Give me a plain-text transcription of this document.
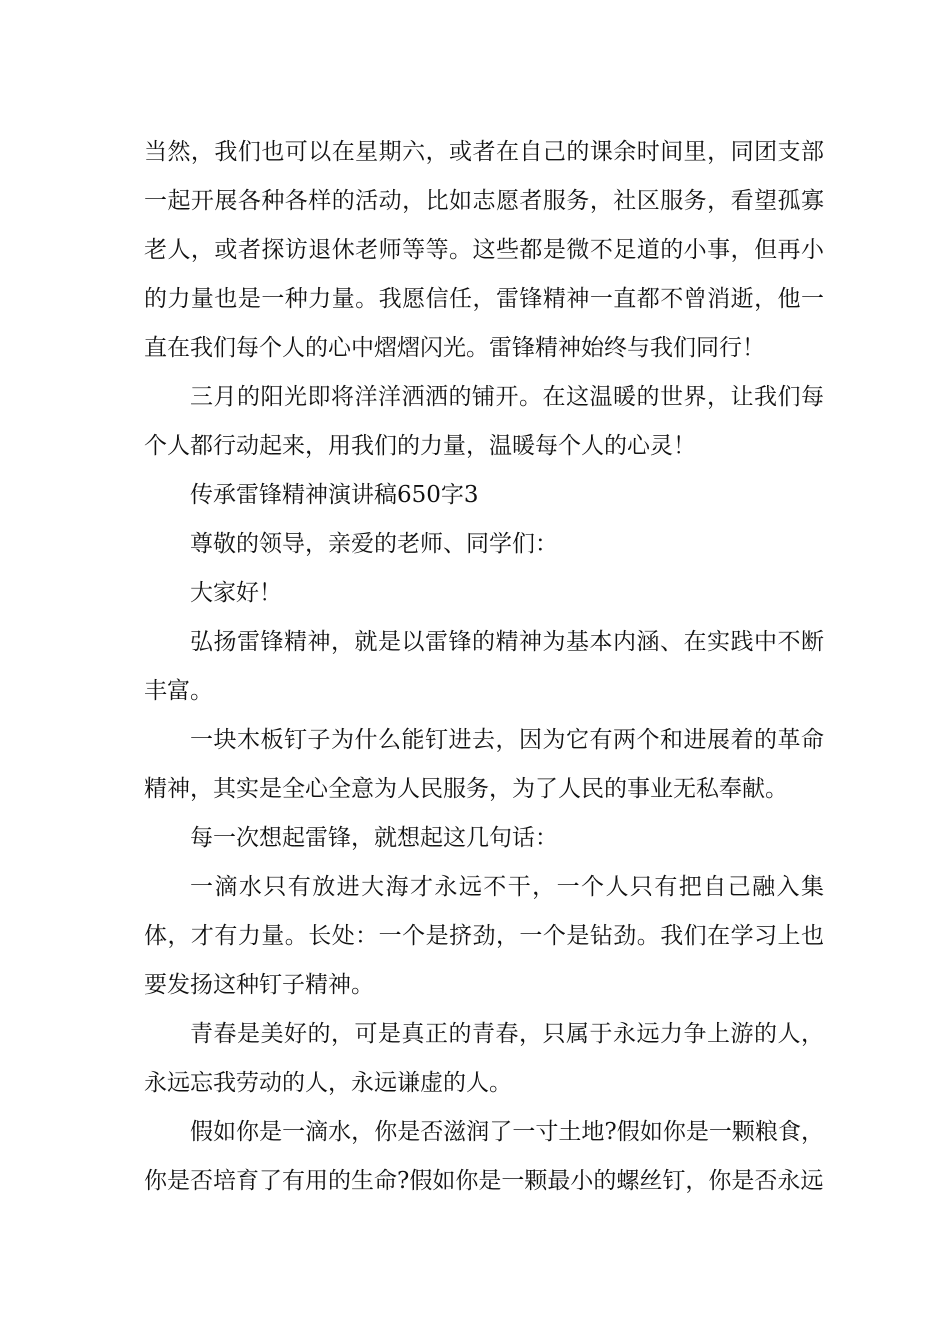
当然，我们也可以在星期六，或者在自己的课余时间里，同团支部一起开展各种各样的活动，比如志愿者服务，社区服务，看望孤寡老人，或者探访退休老师等等。这些都是微不足道的小事，但再小的力量也是一种力量。我愿信任，雷锋精神一直都不曾消逝，他一直在我们每个人的心中熠熠闪光。雷锋精神始终与我们同行！

三月的阳光即将洋洋洒洒的铺开。在这温暖的世界，让我们每个人都行动起来，用我们的力量，温暖每个人的心灵！

传承雷锋精神演讲稿650字3

尊敬的领导，亲爱的老师、同学们：

大家好！

弘扬雷锋精神，就是以雷锋的精神为基本内涵、在实践中不断丰富。

一块木板钉子为什么能钉进去，因为它有两个和进展着的革命精神，其实是全心全意为人民服务，为了人民的事业无私奉献。

每一次想起雷锋，就想起这几句话：

一滴水只有放进大海才永远不干，一个人只有把自己融入集体，才有力量。长处：一个是挤劲，一个是钻劲。我们在学习上也要发扬这种钉子精神。

青春是美好的，可是真正的青春，只属于永远力争上游的人，永远忘我劳动的人，永远谦虚的人。

假如你是一滴水，你是否滋润了一寸土地?假如你是一颗粮食，你是否培育了有用的生命?假如你是一颗最小的螺丝钉，你是否永远
